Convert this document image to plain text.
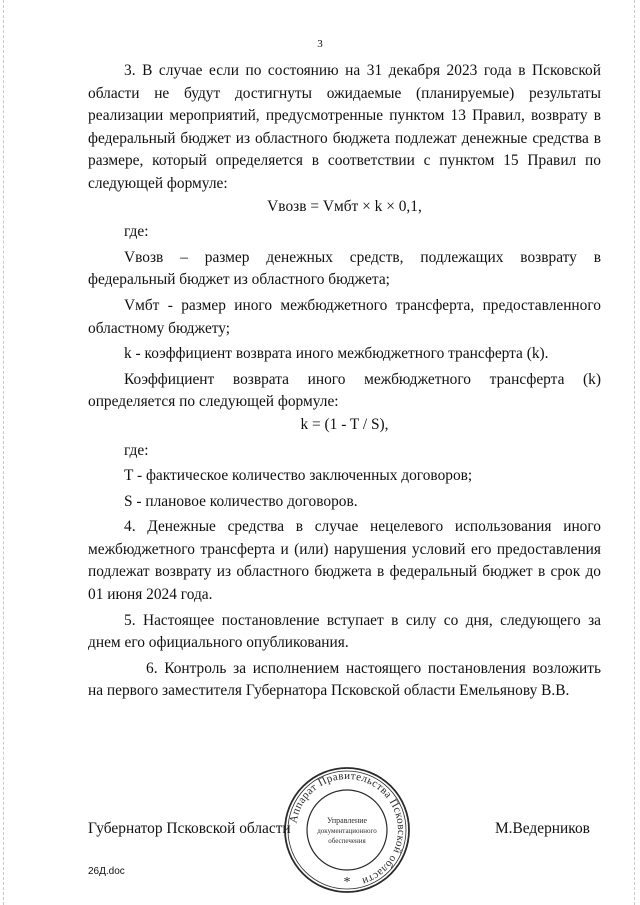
3

3. В случае если по состоянию на 31 декабря 2023 года в Псковской области не будут достигнуты ожидаемые (планируемые) результаты реализации мероприятий, предусмотренные пунктом 13 Правил, возврату в федеральный бюджет из областного бюджета подлежат денежные средства в размере, который определяется в соответствии с пунктом 15 Правил по следующей формуле:

Vвозв = Vмбт × k × 0,1,

где:

Vвозв – размер денежных средств, подлежащих возврату в федеральный бюджет из областного бюджета;

Vмбт - размер иного межбюджетного трансферта, предоставленного областному бюджету;

k - коэффициент возврата иного межбюджетного трансферта (k).

Коэффициент возврата иного межбюджетного трансферта (k) определяется по следующей формуле:

k = (1 - T / S),

где:

T - фактическое количество заключенных договоров;

S - плановое количество договоров.

4. Денежные средства в случае нецелевого использования иного межбюджетного трансферта и (или) нарушения условий его предоставления подлежат возврату из областного бюджета в федеральный бюджет в срок до 01 июня 2024 года.

5. Настоящее постановление вступает в силу со дня, следующего за днем его официального опубликования.

6. Контроль за исполнением настоящего постановления возложить на первого заместителя Губернатора Псковской области Емельянову В.В.

Губернатор Псковской области	М.Ведерников
Аппарат Правительства Псковской области
Управление
документационного
обеспечения
*
26Д.doc
